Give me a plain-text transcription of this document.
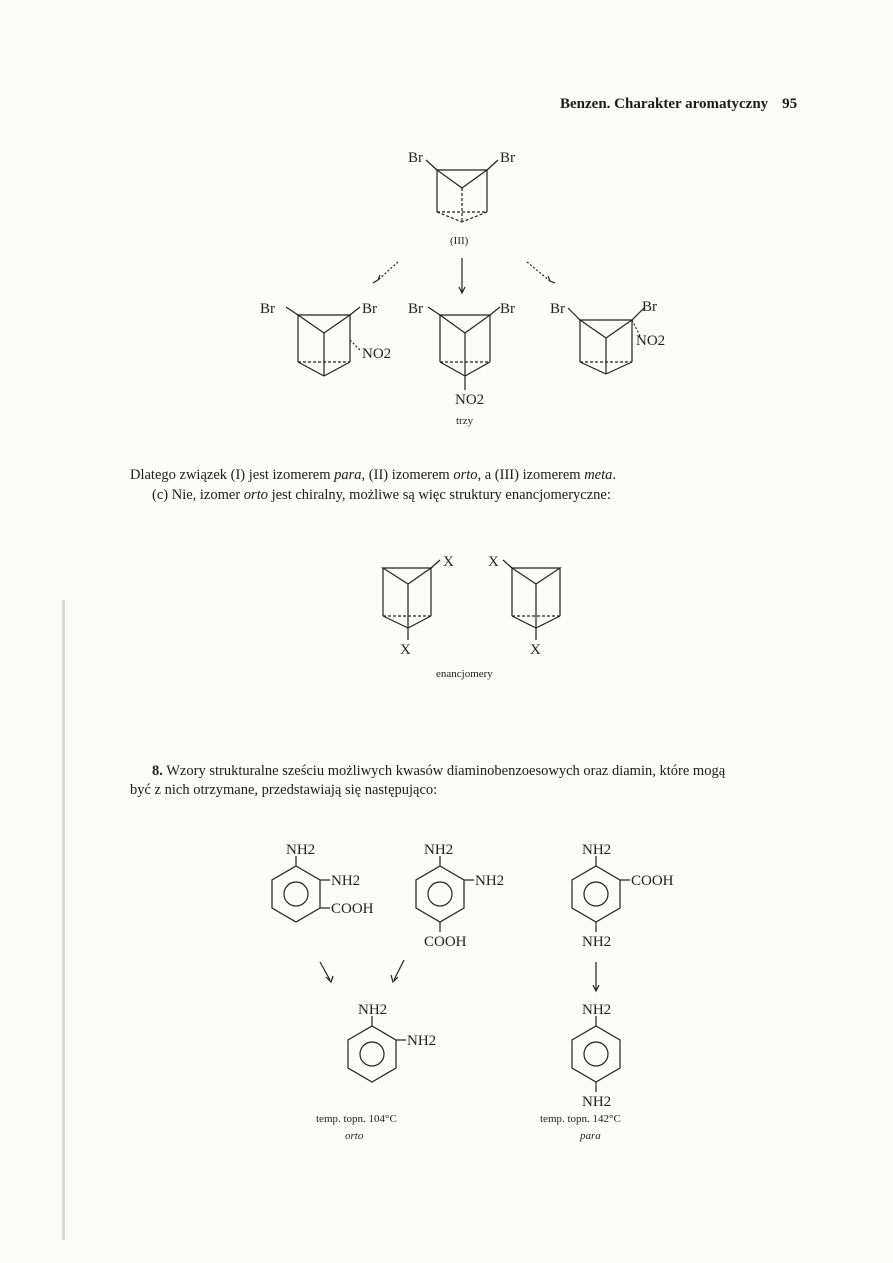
Benzen. Charakter aromatyczny 95
Br	Br
(III)
Br	Br
NO2
Br	Br
NO2
Br	Br
NO2
trzy
Dlatego związek (I) jest izomerem para, (II) izomerem orto, a (III) izomerem meta.
(c) Nie, izomer orto jest chiralny, możliwe są więc struktury enancjomeryczne:
X
X
X
X
enancjomery
8. Wzory strukturalne sześciu możliwych kwasów diaminobenzoesowych oraz diamin, które mogą
być z nich otrzymane, przedstawiają się następująco:
NH2
NH2
COOH
NH2
NH2
COOH
NH2
COOH
NH2
NH2
NH2
NH2
NH2
temp. topn. 104°C
orto
temp. topn. 142°C
para
